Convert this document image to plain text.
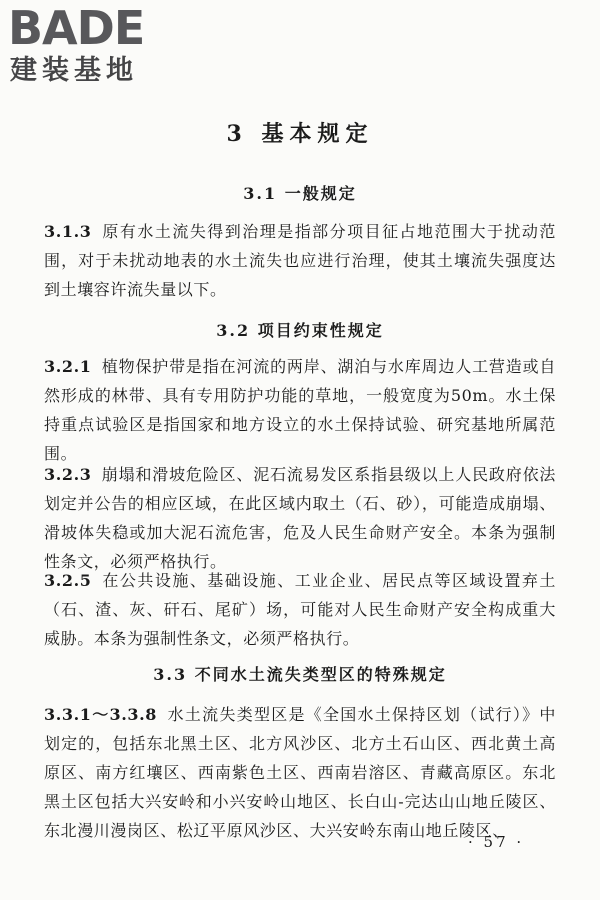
BADE
建装基地
3 基本规定
3.1 一般规定
3.1.3 原有水土流失得到治理是指部分项目征占地范围大于扰动范围，对于未扰动地表的水土流失也应进行治理，使其土壤流失强度达到土壤容许流失量以下。
3.2 项目约束性规定
3.2.1 植物保护带是指在河流的两岸、湖泊与水库周边人工营造或自然形成的林带、具有专用防护功能的草地，一般宽度为50m。水土保持重点试验区是指国家和地方设立的水土保持试验、研究基地所属范围。
3.2.3 崩塌和滑坡危险区、泥石流易发区系指县级以上人民政府依法划定并公告的相应区域，在此区域内取土（石、砂），可能造成崩塌、滑坡体失稳或加大泥石流危害，危及人民生命财产安全。本条为强制性条文，必须严格执行。
3.2.5 在公共设施、基础设施、工业企业、居民点等区域设置弃土（石、渣、灰、矸石、尾矿）场，可能对人民生命财产安全构成重大威胁。本条为强制性条文，必须严格执行。
3.3 不同水土流失类型区的特殊规定
3.3.1～3.3.8 水土流失类型区是《全国水土保持区划（试行）》中划定的，包括东北黑土区、北方风沙区、北方土石山区、西北黄土高原区、南方红壤区、西南紫色土区、西南岩溶区、青藏高原区。东北黑土区包括大兴安岭和小兴安岭山地区、长白山-完达山山地丘陵区、东北漫川漫岗区、松辽平原风沙区、大兴安岭东南山地丘陵区、
· 57 ·
